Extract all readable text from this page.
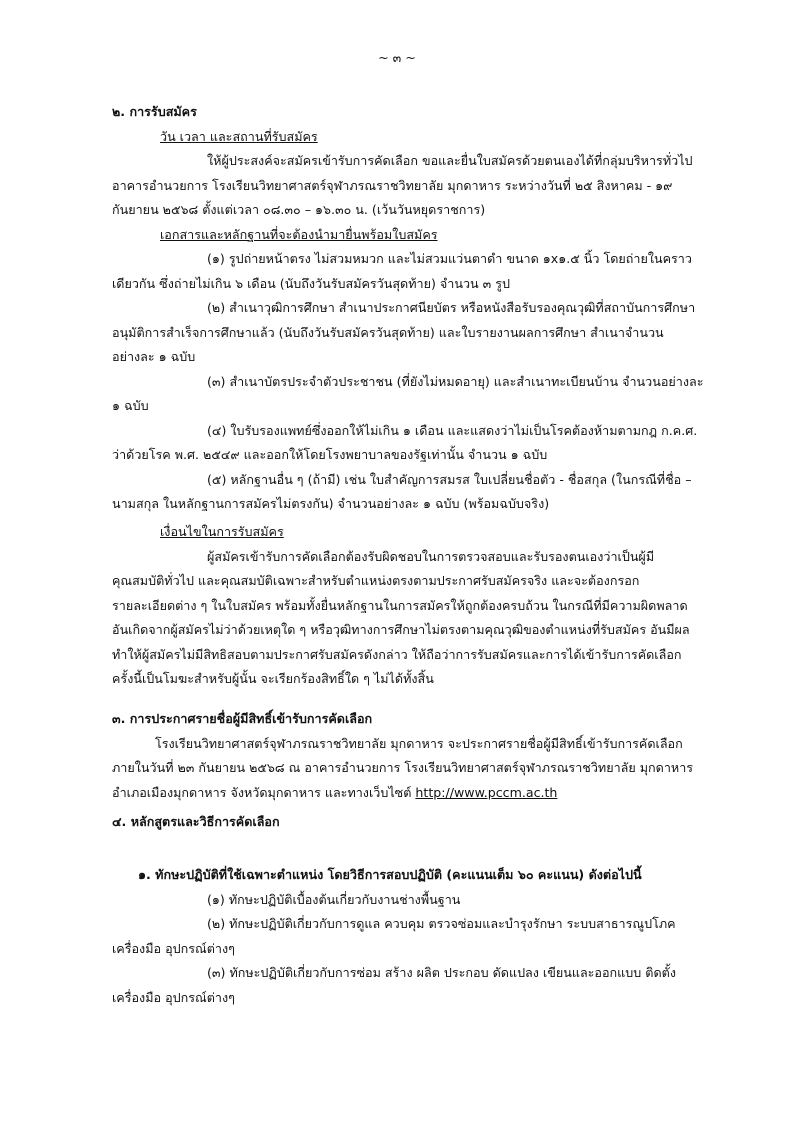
~ ๓ ~
๒. การรับสมัคร
วัน เวลา และสถานที่รับสมัคร
ให้ผู้ประสงค์จะสมัครเข้ารับการคัดเลือก ขอและยื่นใบสมัครด้วยตนเองได้ที่กลุ่มบริหารทั่วไป
อาคารอำนวยการ โรงเรียนวิทยาศาสตร์จุฬาภรณราชวิทยาลัย มุกดาหาร ระหว่างวันที่ ๒๕ สิงหาคม - ๑๙
กันยายน ๒๕๖๘ ตั้งแต่เวลา ๐๘.๓๐ – ๑๖.๓๐ น. (เว้นวันหยุดราชการ)
เอกสารและหลักฐานที่จะต้องนำมายื่นพร้อมใบสมัคร
(๑) รูปถ่ายหน้าตรง ไม่สวมหมวก และไม่สวมแว่นตาดำ ขนาด ๑x๑.๕ นิ้ว โดยถ่ายในคราว
เดียวกัน ซึ่งถ่ายไม่เกิน ๖ เดือน (นับถึงวันรับสมัครวันสุดท้าย) จำนวน ๓ รูป
(๒) สำเนาวุฒิการศึกษา สำเนาประกาศนียบัตร หรือหนังสือรับรองคุณวุฒิที่สถาบันการศึกษา
อนุมัติการสำเร็จการศึกษาแล้ว (นับถึงวันรับสมัครวันสุดท้าย) และใบรายงานผลการศึกษา สำเนาจำนวน
อย่างละ ๑ ฉบับ
(๓) สำเนาบัตรประจำตัวประชาชน (ที่ยังไม่หมดอายุ) และสำเนาทะเบียนบ้าน จำนวนอย่างละ
๑ ฉบับ
(๔) ใบรับรองแพทย์ซึ่งออกให้ไม่เกิน ๑ เดือน และแสดงว่าไม่เป็นโรคต้องห้ามตามกฎ ก.ค.ศ.
ว่าด้วยโรค พ.ศ. ๒๕๔๙ และออกให้โดยโรงพยาบาลของรัฐเท่านั้น จำนวน ๑ ฉบับ
(๕) หลักฐานอื่น ๆ (ถ้ามี) เช่น ใบสำคัญการสมรส ใบเปลี่ยนชื่อตัว - ชื่อสกุล (ในกรณีที่ชื่อ –
นามสกุล ในหลักฐานการสมัครไม่ตรงกัน) จำนวนอย่างละ ๑ ฉบับ (พร้อมฉบับจริง)
เงื่อนไขในการรับสมัคร
ผู้สมัครเข้ารับการคัดเลือกต้องรับผิดชอบในการตรวจสอบและรับรองตนเองว่าเป็นผู้มี
คุณสมบัติทั่วไป และคุณสมบัติเฉพาะสำหรับตำแหน่งตรงตามประกาศรับสมัครจริง และจะต้องกรอก
รายละเอียดต่าง ๆ ในใบสมัคร พร้อมทั้งยื่นหลักฐานในการสมัครให้ถูกต้องครบถ้วน ในกรณีที่มีความผิดพลาด
อันเกิดจากผู้สมัครไม่ว่าด้วยเหตุใด ๆ หรือวุฒิทางการศึกษาไม่ตรงตามคุณวุฒิของตำแหน่งที่รับสมัคร อันมีผล
ทำให้ผู้สมัครไม่มีสิทธิสอบตามประกาศรับสมัครดังกล่าว ให้ถือว่าการรับสมัครและการได้เข้ารับการคัดเลือก
ครั้งนี้เป็นโมฆะสำหรับผู้นั้น จะเรียกร้องสิทธิ์ใด ๆ ไม่ได้ทั้งสิ้น
๓. การประกาศรายชื่อผู้มีสิทธิ์เข้ารับการคัดเลือก
โรงเรียนวิทยาศาสตร์จุฬาภรณราชวิทยาลัย มุกดาหาร จะประกาศรายชื่อผู้มีสิทธิ์เข้ารับการคัดเลือก
ภายในวันที่ ๒๓ กันยายน ๒๕๖๘ ณ อาคารอำนวยการ โรงเรียนวิทยาศาสตร์จุฬาภรณราชวิทยาลัย มุกดาหาร
อำเภอเมืองมุกดาหาร จังหวัดมุกดาหาร และทางเว็บไซต์ http://www.pccm.ac.th
๔. หลักสูตรและวิธีการคัดเลือก
๑. ทักษะปฏิบัติที่ใช้เฉพาะตำแหน่ง โดยวิธีการสอบปฏิบัติ (คะแนนเต็ม ๖๐ คะแนน) ดังต่อไปนี้
(๑) ทักษะปฏิบัติเบื้องต้นเกี่ยวกับงานช่างพื้นฐาน
(๒) ทักษะปฏิบัติเกี่ยวกับการดูแล ควบคุม ตรวจซ่อมและบำรุงรักษา ระบบสาธารณูปโภค
เครื่องมือ อุปกรณ์ต่างๆ
(๓) ทักษะปฏิบัติเกี่ยวกับการซ่อม สร้าง ผลิต ประกอบ ดัดแปลง เขียนและออกแบบ ติดตั้ง
เครื่องมือ อุปกรณ์ต่างๆ
